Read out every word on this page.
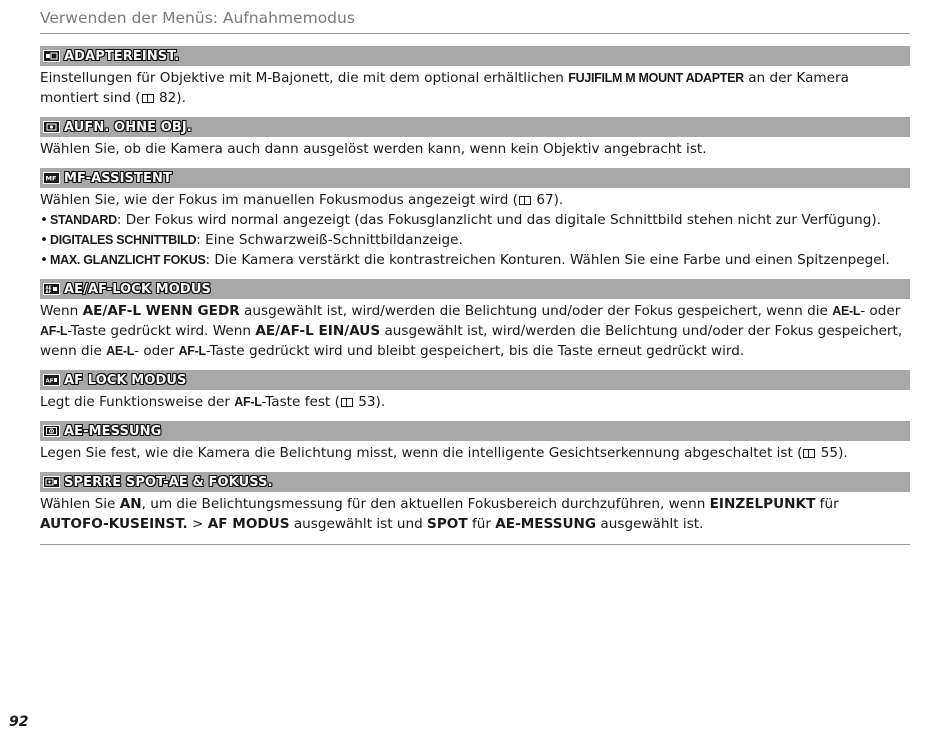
Verwenden der Menüs: Aufnahmemodus
ADAPTEREINST.

Einstellungen für Objektive mit M-Bajonett, die mit dem optional erhältlichen FUJIFILM M MOUNT ADAPTER an der Kamera montiert sind ( 82).

AUFN. OHNE OBJ.

Wählen Sie, ob die Kamera auch dann ausgelöst werden kann, wenn kein Objektiv angebracht ist.

MF MF-ASSISTENT

Wählen Sie, wie der Fokus im manuellen Fokusmodus angezeigt wird ( 67).

• STANDARD: Der Fokus wird normal angezeigt (das Fokusglanzlicht und das digitale Schnittbild stehen nicht zur Verfügung).
• DIGITALES SCHNITTBILD: Eine Schwarzweiß-Schnittbildanzeige.
• MAX. GLANZLICHT FOKUS: Die Kamera verstärkt die kontrastreichen Konturen. Wählen Sie eine Farbe und einen Spitzenpegel.
AE
AF AE/AF-LOCK MODUS

Wenn AE/AF-L WENN GEDR ausgewählt ist, wird/werden die Belichtung und/oder der Fokus gespeichert, wenn die AE-L- oder AF-L-Taste gedrückt wird. Wenn AE/AF-L EIN/AUS ausgewählt ist, wird/werden die Belichtung und/oder der Fokus gespeichert, wenn die AE-L- oder AF-L-Taste gedrückt wird und bleibt gespeichert, bis die Taste erneut gedrückt wird.

AF AF LOCK MODUS

Legt die Funktionsweise der AF-L-Taste fest ( 53).

AE-MESSUNG

Legen Sie fest, wie die Kamera die Belichtung misst, wenn die intelligente Gesichtserkennung abgeschaltet ist ( 55).

SPERRE SPOT-AE & FOKUSS.

Wählen Sie AN, um die Belichtungsmessung für den aktuellen Fokusbereich durchzuführen, wenn EINZELPUNKT für AUTOFO-KUSEINST. > AF MODUS ausgewählt ist und SPOT für AE-MESSUNG ausgewählt ist.

92
